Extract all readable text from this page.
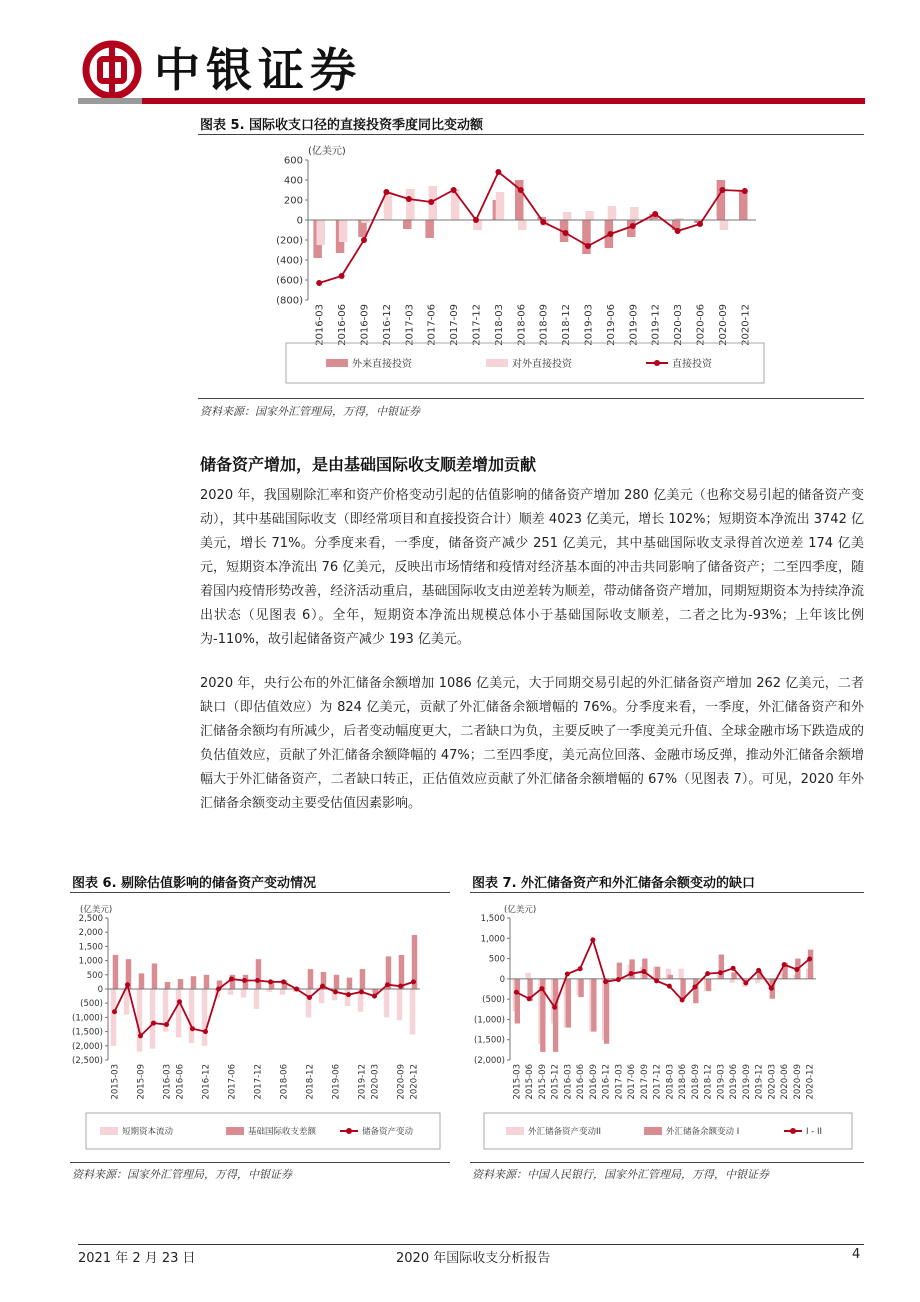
中银证券
图表 5. 国际收支口径的直接投资季度同比变动额
(亿美元)
600
400
200
0
(200)
(400)
(600)
(800)
2016-03 2016-06 2016-09 2016-12 2017-03 2017-06 2017-09 2017-12 2018-03 2018-06 2018-09 2018-12 2019-03 2019-06 2019-09 2019-12 2020-03 2020-06 2020-09 2020-12
外来直接投资	对外直接投资	直接投资
资料来源：国家外汇管理局，万得，中银证券
储备资产增加，是由基础国际收支顺差增加贡献
2020 年，我国剔除汇率和资产价格变动引起的估值影响的储备资产增加 280 亿美元（也称交易引起的储备资产变动），其中基础国际收支（即经常项目和直接投资合计）顺差 4023 亿美元，增长 102%；短期资本净流出 3742 亿美元，增长 71%。分季度来看，一季度，储备资产减少 251 亿美元，其中基础国际收支录得首次逆差 174 亿美元，短期资本净流出 76 亿美元，反映出市场情绪和疫情对经济基本面的冲击共同影响了储备资产；二至四季度，随着国内疫情形势改善，经济活动重启，基础国际收支由逆差转为顺差，带动储备资产增加，同期短期资本为持续净流出状态（见图表 6）。全年，短期资本净流出规模总体小于基础国际收支顺差，二者之比为-93%；上年该比例为-110%，故引起储备资产减少 193 亿美元。
2020 年，央行公布的外汇储备余额增加 1086 亿美元，大于同期交易引起的外汇储备资产增加 262 亿美元，二者缺口（即估值效应）为 824 亿美元，贡献了外汇储备余额增幅的 76%。分季度来看，一季度，外汇储备资产和外汇储备余额均有所减少，后者变动幅度更大，二者缺口为负，主要反映了一季度美元升值、全球金融市场下跌造成的负估值效应，贡献了外汇储备余额降幅的 47%；二至四季度，美元高位回落、金融市场反弹，推动外汇储备余额增幅大于外汇储备资产，二者缺口转正，正估值效应贡献了外汇储备余额增幅的 67%（见图表 7）。可见，2020 年外汇储备余额变动主要受估值因素影响。
图表 6. 剔除估值影响的储备资产变动情况
(亿美元)
2,500
2,000
1,500
1,000
500
0
(500)
(1,000)
(1,500)
(2,000)
(2,500)
2015-03 2015-09 2016-03 2016-06 2016-12 2017-06 2017-12 2018-06 2018-12 2019-06 2019-12 2020-03 2020-09 2020-12
短期资本流动	基础国际收支差额	储备资产变动
资料来源：国家外汇管理局，万得，中银证券
图表 7. 外汇储备资产和外汇储备余额变动的缺口
(亿美元)
1,500
1,000
500
0
(500)
(1,000)
(1,500)
(2,000)
2015-03 2015-06 2015-09 2015-12 2016-03 2016-06 2016-09 2016-12 2017-03 2017-06 2017-09 2017-12 2018-03 2018-06 2018-09 2018-12 2019-03 2019-06 2019-09 2019-12 2020-03 2020-06 2020-09 2020-12
外汇储备资产变动II	外汇储备余额变动 I	I - II
资料来源：中国人民银行，国家外汇管理局，万得，中银证券
2021 年 2 月 23 日	2020 年国际收支分析报告	4
